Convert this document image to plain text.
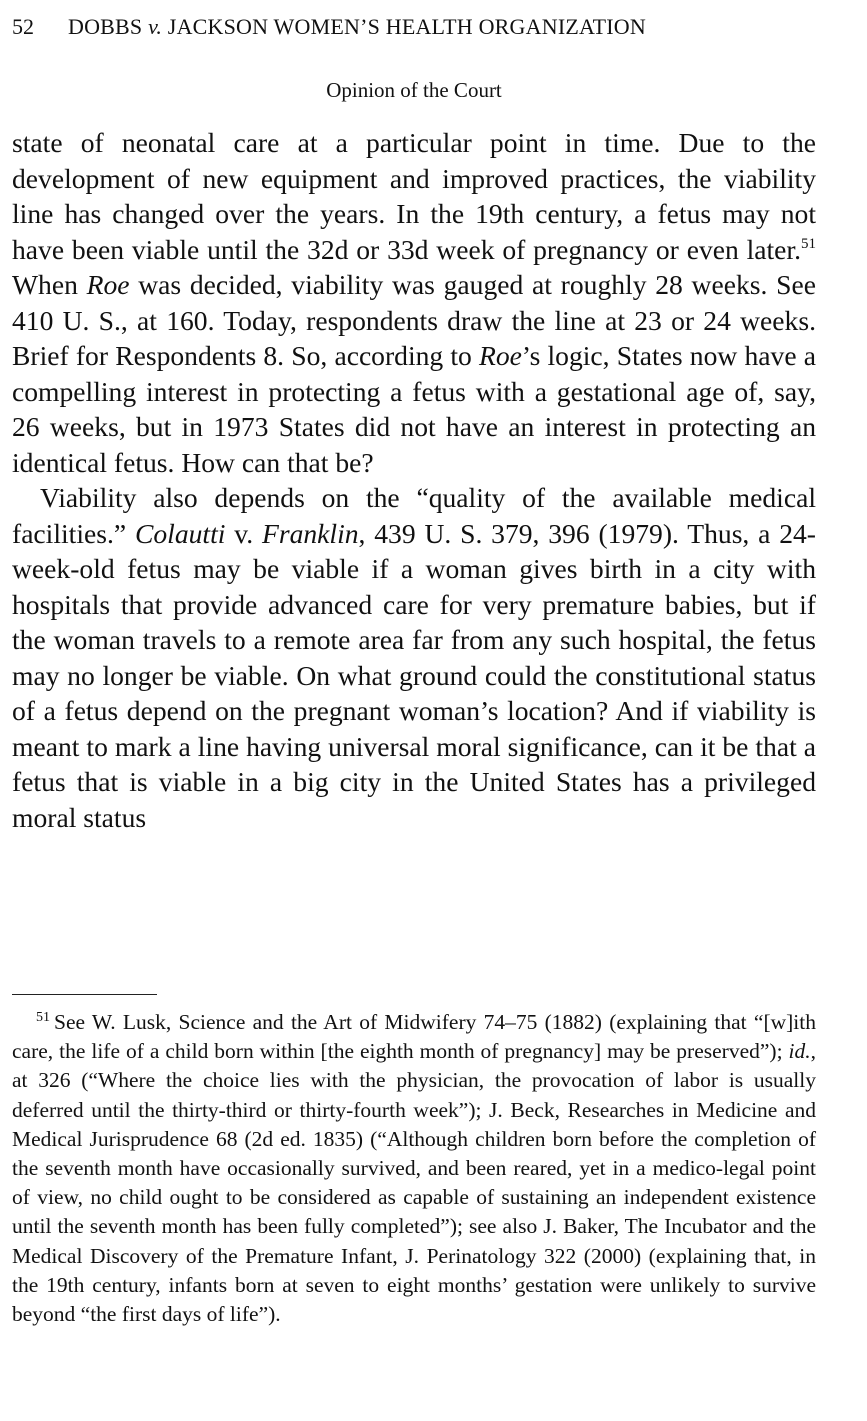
52 DOBBS v. JACKSON WOMEN’S HEALTH ORGANIZATION
Opinion of the Court

state of neonatal care at a particular point in time. Due to the development of new equipment and improved practices, the viability line has changed over the years. In the 19th century, a fetus may not have been viable until the 32d or 33d week of pregnancy or even later.$^{51}$ When Roe was decided, viability was gauged at roughly 28 weeks. See 410 U. S., at 160. Today, respondents draw the line at 23 or 24 weeks. Brief for Respondents 8. So, according to Roe’s logic, States now have a compelling interest in protecting a fetus with a gestational age of, say, 26 weeks, but in 1973 States did not have an interest in protecting an identical fetus. How can that be?

Viability also depends on the “quality of the available medical facilities.” Colautti v. Franklin, 439 U. S. 379, 396 (1979). Thus, a 24-week-old fetus may be viable if a woman gives birth in a city with hospitals that provide advanced care for very premature babies, but if the woman travels to a remote area far from any such hospital, the fetus may no longer be viable. On what ground could the constitutional status of a fetus depend on the pregnant woman’s location? And if viability is meant to mark a line having universal moral significance, can it be that a fetus that is viable in a big city in the United States has a privileged moral status

$^{51}$ See W. Lusk, Science and the Art of Midwifery 74–75 (1882) (explaining that “[w]ith care, the life of a child born within [the eighth month of pregnancy] may be preserved”); id., at 326 (“Where the choice lies with the physician, the provocation of labor is usually deferred until the thirty-third or thirty-fourth week”); J. Beck, Researches in Medicine and Medical Jurisprudence 68 (2d ed. 1835) (“Although children born before the completion of the seventh month have occasionally survived, and been reared, yet in a medico-legal point of view, no child ought to be considered as capable of sustaining an independent existence until the seventh month has been fully completed”); see also J. Baker, The Incubator and the Medical Discovery of the Premature Infant, J. Perinatology 322 (2000) (explaining that, in the 19th century, infants born at seven to eight months’ gestation were unlikely to survive beyond “the first days of life”).
